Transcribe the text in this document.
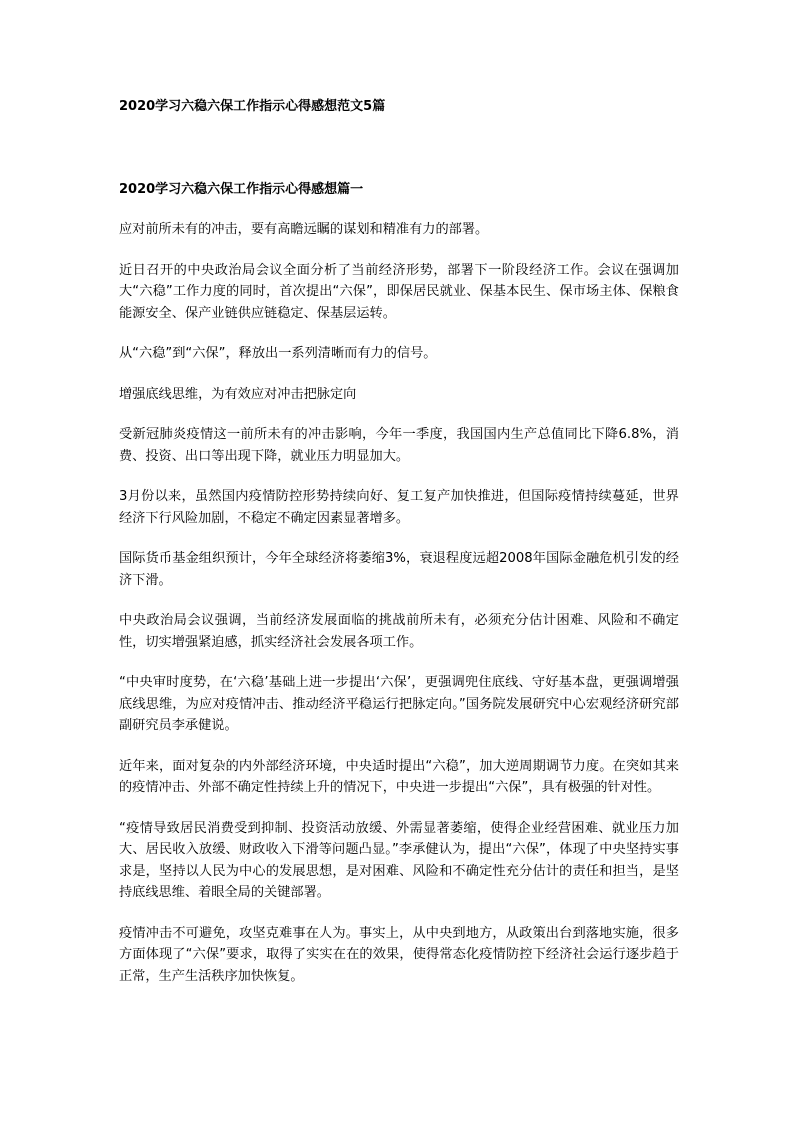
2020学习六稳六保工作指示心得感想范文5篇
2020学习六稳六保工作指示心得感想篇一

应对前所未有的冲击，要有高瞻远瞩的谋划和精准有力的部署。

近日召开的中央政治局会议全面分析了当前经济形势，部署下一阶段经济工作。会议在强调加大“六稳”工作力度的同时，首次提出“六保”，即保居民就业、保基本民生、保市场主体、保粮食能源安全、保产业链供应链稳定、保基层运转。

从“六稳”到“六保”，释放出一系列清晰而有力的信号。

增强底线思维，为有效应对冲击把脉定向

受新冠肺炎疫情这一前所未有的冲击影响，今年一季度，我国国内生产总值同比下降6.8%，消费、投资、出口等出现下降，就业压力明显加大。

3月份以来，虽然国内疫情防控形势持续向好、复工复产加快推进，但国际疫情持续蔓延，世界经济下行风险加剧，不稳定不确定因素显著增多。

国际货币基金组织预计，今年全球经济将萎缩3%，衰退程度远超2008年国际金融危机引发的经济下滑。

中央政治局会议强调，当前经济发展面临的挑战前所未有，必须充分估计困难、风险和不确定性，切实增强紧迫感，抓实经济社会发展各项工作。

“中央审时度势，在‘六稳’基础上进一步提出‘六保’，更强调兜住底线、守好基本盘，更强调增强底线思维，为应对疫情冲击、推动经济平稳运行把脉定向。”国务院发展研究中心宏观经济研究部副研究员李承健说。

近年来，面对复杂的内外部经济环境，中央适时提出“六稳”，加大逆周期调节力度。在突如其来的疫情冲击、外部不确定性持续上升的情况下，中央进一步提出“六保”，具有极强的针对性。

“疫情导致居民消费受到抑制、投资活动放缓、外需显著萎缩，使得企业经营困难、就业压力加大、居民收入放缓、财政收入下滑等问题凸显。”李承健认为，提出“六保”，体现了中央坚持实事求是，坚持以人民为中心的发展思想，是对困难、风险和不确定性充分估计的责任和担当，是坚持底线思维、着眼全局的关键部署。

疫情冲击不可避免，攻坚克难事在人为。事实上，从中央到地方，从政策出台到落地实施，很多方面体现了“六保”要求，取得了实实在在的效果，使得常态化疫情防控下经济社会运行逐步趋于正常，生产生活秩序加快恢复。
